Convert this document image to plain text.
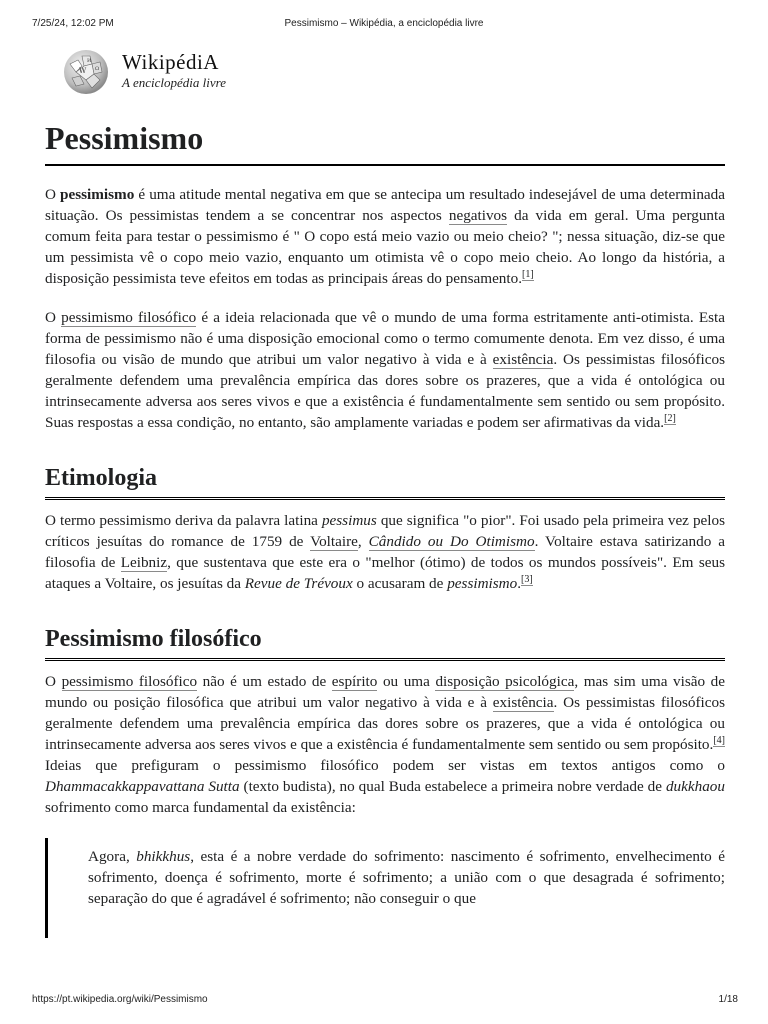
7/25/24, 12:02 PM	Pessimismo – Wikipédia, a enciclopédia livre
W Ω
И WikipédiA
A enciclopédia livre
Pessimismo

O pessimismo é uma atitude mental negativa em que se antecipa um resultado indesejável de uma determinada situação. Os pessimistas tendem a se concentrar nos aspectos negativos da vida em geral. Uma pergunta comum feita para testar o pessimismo é " O copo está meio vazio ou meio cheio? "; nessa situação, diz-se que um pessimista vê o copo meio vazio, enquanto um otimista vê o copo meio cheio. Ao longo da história, a disposição pessimista teve efeitos em todas as principais áreas do pensamento.[1]

O pessimismo filosófico é a ideia relacionada que vê o mundo de uma forma estritamente anti-otimista. Esta forma de pessimismo não é uma disposição emocional como o termo comumente denota. Em vez disso, é uma filosofia ou visão de mundo que atribui um valor negativo à vida e à existência. Os pessimistas filosóficos geralmente defendem uma prevalência empírica das dores sobre os prazeres, que a vida é ontológica ou intrinsecamente adversa aos seres vivos e que a existência é fundamentalmente sem sentido ou sem propósito. Suas respostas a essa condição, no entanto, são amplamente variadas e podem ser afirmativas da vida.[2]

Etimologia

O termo pessimismo deriva da palavra latina pessimus que significa "o pior". Foi usado pela primeira vez pelos críticos jesuítas do romance de 1759 de Voltaire, Cândido ou Do Otimismo. Voltaire estava satirizando a filosofia de Leibniz, que sustentava que este era o "melhor (ótimo) de todos os mundos possíveis". Em seus ataques a Voltaire, os jesuítas da Revue de Trévoux o acusaram de pessimismo.[3]

Pessimismo filosófico

O pessimismo filosófico não é um estado de espírito ou uma disposição psicológica, mas sim uma visão de mundo ou posição filosófica que atribui um valor negativo à vida e à existência. Os pessimistas filosóficos geralmente defendem uma prevalência empírica das dores sobre os prazeres, que a vida é ontológica ou intrinsecamente adversa aos seres vivos e que a existência é fundamentalmente sem sentido ou sem propósito.[4] Ideias que prefiguram o pessimismo filosófico podem ser vistas em textos antigos como o Dhammacakkappavattana Sutta (texto budista), no qual Buda estabelece a primeira nobre verdade de dukkhaou sofrimento como marca fundamental da existência:

Agora, bhikkhus, esta é a nobre verdade do sofrimento: nascimento é sofrimento, envelhecimento é sofrimento, doença é sofrimento, morte é sofrimento; a união com o que desagrada é sofrimento; separação do que é agradável é sofrimento; não conseguir o que

https://pt.wikipedia.org/wiki/Pessimismo	1/18
